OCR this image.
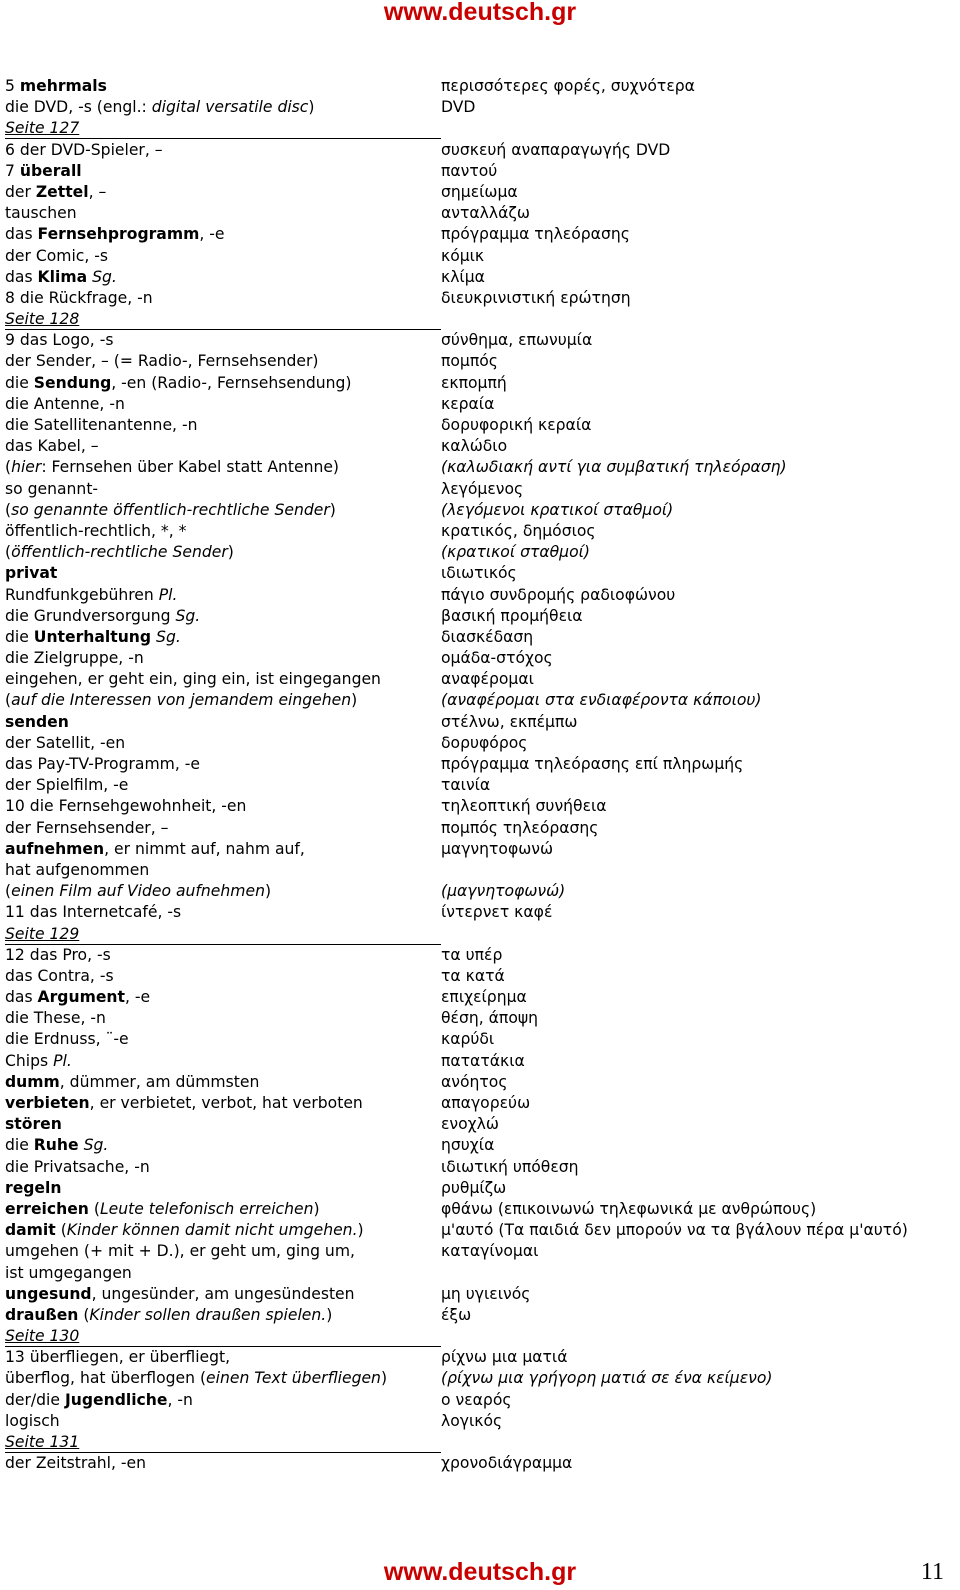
www.deutsch.gr
5 mehrmals	περισσότερες φορές, συχνότερα
die DVD, -s (engl.: digital versatile disc)	DVD
Seite 127
6 der DVD-Spieler, –	συσκευή αναπαραγωγής DVD
7 überall	παντού
der Zettel, –	σημείωμα
tauschen	ανταλλάζω
das Fernsehprogramm, -e	πρόγραμμα τηλεόρασης
der Comic, -s	κόμικ
das Klima Sg.	κλίμα
8 die Rückfrage, -n	διευκρινιστική ερώτηση
Seite 128
9 das Logo, -s	σύνθημα, επωνυμία
der Sender, – (= Radio-, Fernsehsender)	πομπός
die Sendung, -en (Radio-, Fernsehsendung)	εκπομπή
die Antenne, -n	κεραία
die Satellitenantenne, -n	δορυφορική κεραία
das Kabel, –	καλώδιο
(hier: Fernsehen über Kabel statt Antenne)	(καλωδιακή αντί για συμβατική τηλεόραση)
so genannt-	λεγόμενος
(so genannte öffentlich-rechtliche Sender)	(λεγόμενοι κρατικοί σταθμοί)
öffentlich-rechtlich, *, *	κρατικός, δημόσιος
(öffentlich-rechtliche Sender)	(κρατικοί σταθμοί)
privat	ιδιωτικός
Rundfunkgebühren Pl.	πάγιο συνδρομής ραδιοφώνου
die Grundversorgung Sg.	βασική προμήθεια
die Unterhaltung Sg.	διασκέδαση
die Zielgruppe, -n	ομάδα-στόχος
eingehen, er geht ein, ging ein, ist eingegangen	αναφέρομαι
(auf die Interessen von jemandem eingehen)	(αναφέρομαι στα ενδιαφέροντα κάποιου)
senden	στέλνω, εκπέμπω
der Satellit, -en	δορυφόρος
das Pay-TV-Programm, -e	πρόγραμμα τηλεόρασης επί πληρωμής
der Spielfilm, -e	ταινία
10 die Fernsehgewohnheit, -en	τηλεοπτική συνήθεια
der Fernsehsender, –	πομπός τηλεόρασης
aufnehmen, er nimmt auf, nahm auf,	μαγνητοφωνώ
hat aufgenommen
(einen Film auf Video aufnehmen)	(μαγνητοφωνώ)
11 das Internetcafé, -s	ίντερνετ καφέ
Seite 129
12 das Pro, -s	τα υπέρ
das Contra, -s	τα κατά
das Argument, -e	επιχείρημα
die These, -n	θέση, άποψη
die Erdnuss, ¨-e	καρύδι
Chips Pl.	πατατάκια
dumm, dümmer, am dümmsten	ανόητος
verbieten, er verbietet, verbot, hat verboten	απαγορεύω
stören	ενοχλώ
die Ruhe Sg.	ησυχία
die Privatsache, -n	ιδιωτική υπόθεση
regeln	ρυθμίζω
erreichen (Leute telefonisch erreichen)	φθάνω (επικοινωνώ τηλεφωνικά με ανθρώπους)
damit (Kinder können damit nicht umgehen.)	μ'αυτό (Τα παιδιά δεν μπορούν να τα βγάλουν πέρα μ'αυτό)
umgehen (+ mit + D.), er geht um, ging um,	καταγίνομαι
ist umgegangen
ungesund, ungesünder, am ungesündesten	μη υγιεινός
draußen (Kinder sollen draußen spielen.)	έξω
Seite 130
13 überfliegen, er überfliegt,	ρίχνω μια ματιά
überflog, hat überflogen (einen Text überfliegen)	(ρίχνω μια γρήγορη ματιά σε ένα κείμενο)
der/die Jugendliche, -n	ο νεαρός
logisch	λογικός
Seite 131
der Zeitstrahl, -en	χρονοδιάγραμμα
www.deutsch.gr	11
